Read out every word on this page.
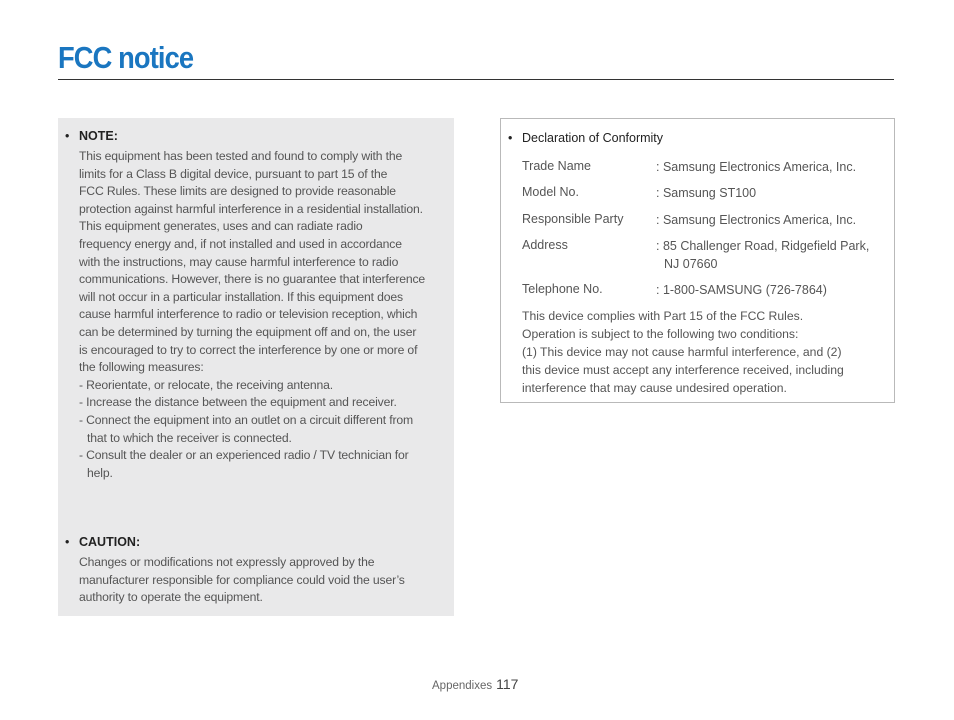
FCC notice
• NOTE:
This equipment has been tested and found to comply with the
limits for a Class B digital device, pursuant to part 15 of the
FCC Rules. These limits are designed to provide reasonable
protection against harmful interference in a residential installation.
This equipment generates, uses and can radiate radio
frequency energy and, if not installed and used in accordance
with the instructions, may cause harmful interference to radio
communications. However, there is no guarantee that interference
will not occur in a particular installation. If this equipment does
cause harmful interference to radio or television reception, which
can be determined by turning the equipment off and on, the user
is encouraged to try to correct the interference by one or more of
the following measures:
- Reorientate, or relocate, the receiving antenna.
- Increase the distance between the equipment and receiver.
- Connect the equipment into an outlet on a circuit different from
that to which the receiver is connected.
- Consult the dealer or an experienced radio / TV technician for
help.
• CAUTION:
Changes or modifications not expressly approved by the
manufacturer responsible for compliance could void the user’s
authority to operate the equipment.
• Declaration of Conformity
Trade Name	: Samsung Electronics America, Inc.
Model No.	: Samsung ST100
Responsible Party	: Samsung Electronics America, Inc.
Address	: 85 Challenger Road, Ridgefield Park,
NJ 07660
Telephone No.	: 1-800-SAMSUNG (726-7864)
This device complies with Part 15 of the FCC Rules.
Operation is subject to the following two conditions:
(1) This device may not cause harmful interference, and (2)
this device must accept any interference received, including
interference that may cause undesired operation.
Appendixes 117
